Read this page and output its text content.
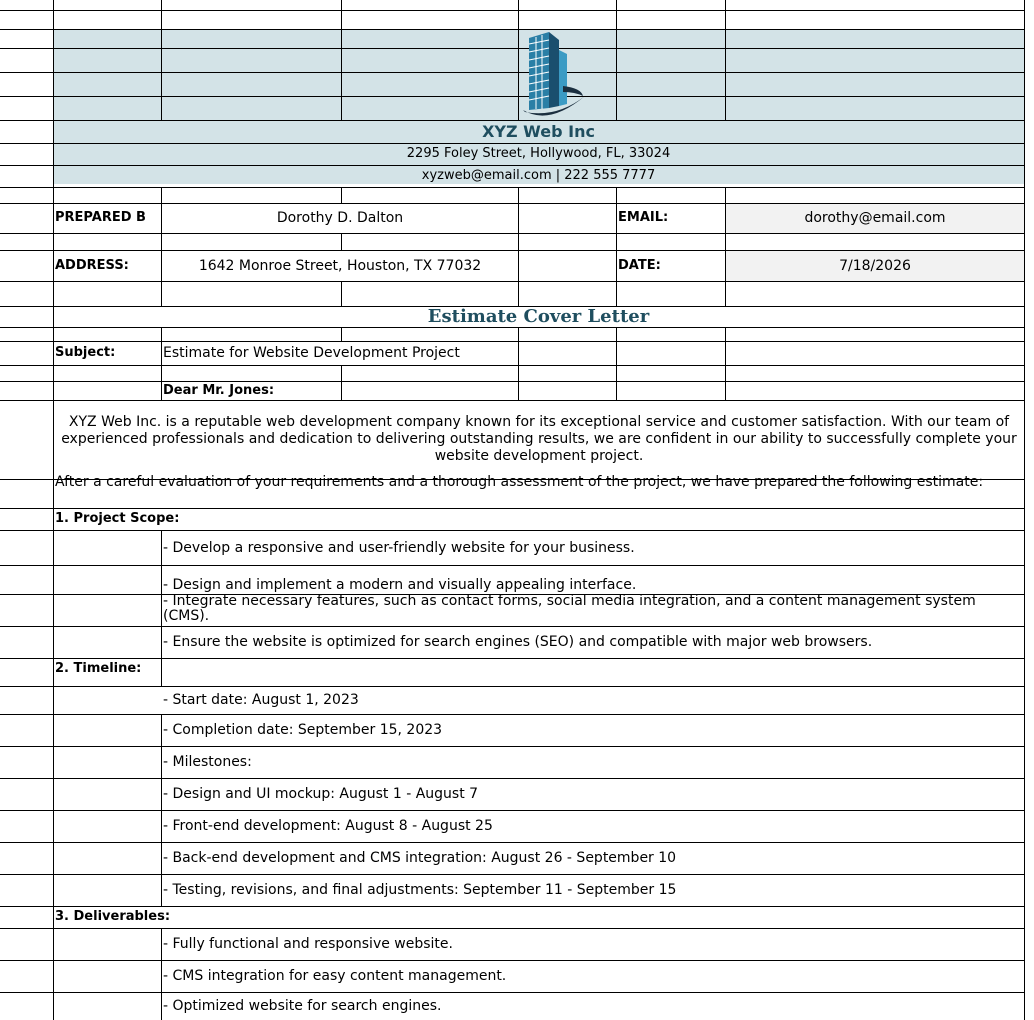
XYZ Web Inc
2295 Foley Street, Hollywood, FL, 33024
xyzweb@email.com | 222 555 7777
PREPARED B	Dorothy D. Dalton	EMAIL:	dorothy@email.com
ADDRESS:	1642 Monroe Street, Houston, TX 77032	DATE:	7/18/2026
Estimate Cover Letter
Subject:	Estimate for Website Development Project
Dear Mr. Jones:
XYZ Web Inc. is a reputable web development company known for its exceptional service and customer satisfaction. With our team of experienced professionals and dedication to delivering outstanding results, we are confident in our ability to successfully complete your website development project.
After a careful evaluation of your requirements and a thorough assessment of the project, we have prepared the following estimate:
1. Project Scope:
- Develop a responsive and user-friendly website for your business.
- Design and implement a modern and visually appealing interface.
- Integrate necessary features, such as contact forms, social media integration, and a content management system (CMS).
- Ensure the website is optimized for search engines (SEO) and compatible with major web browsers.
2. Timeline:
- Start date: August 1, 2023
- Completion date: September 15, 2023
- Milestones:
- Design and UI mockup: August 1 - August 7
- Front-end development: August 8 - August 25
- Back-end development and CMS integration: August 26 - September 10
- Testing, revisions, and final adjustments: September 11 - September 15
3. Deliverables:
- Fully functional and responsive website.
- CMS integration for easy content management.
- Optimized website for search engines.
